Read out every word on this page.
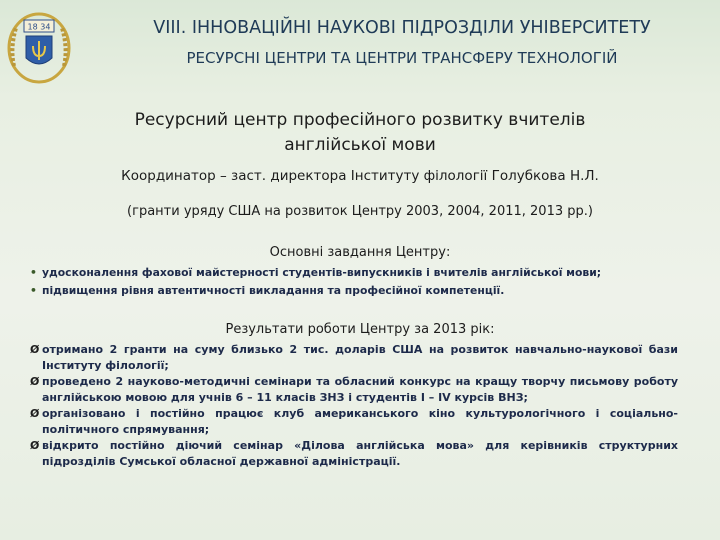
18 34	VIII. ІННОВАЦІЙНІ НАУКОВІ ПІДРОЗДІЛИ УНІВЕРСИТЕТУ
РЕСУРСНІ ЦЕНТРИ ТА ЦЕНТРИ ТРАНСФЕРУ ТЕХНОЛОГІЙ
Ресурсний центр професійного розвитку вчителів
англійської мови
Координатор – заст. директора Інституту філології Голубкова Н.Л.
(гранти уряду США на розвиток Центру 2003, 2004, 2011, 2013 рр.)
Основні завдання Центру:
• удосконалення фахової майстерності студентів-випускників і вчителів англійської мови;
• підвищення рівня автентичності викладання та професійної компетенції.
Результати роботи Центру за 2013 рік:
Ø отримано 2 гранти на суму близько 2 тис. доларів США на розвиток навчально-наукової бази Інституту філології;
Ø проведено 2 науково-методичні семінари та обласний конкурс на кращу творчу письмову роботу англійською мовою для учнів 6 – 11 класів ЗНЗ і студентів І – ІV курсів ВНЗ;
Ø організовано і постійно працює клуб американського кіно культурологічного і соціально-політичного спрямування;
Ø відкрито постійно діючий семінар «Ділова англійська мова» для керівників структурних підрозділів Сумської обласної державної адміністрації.
